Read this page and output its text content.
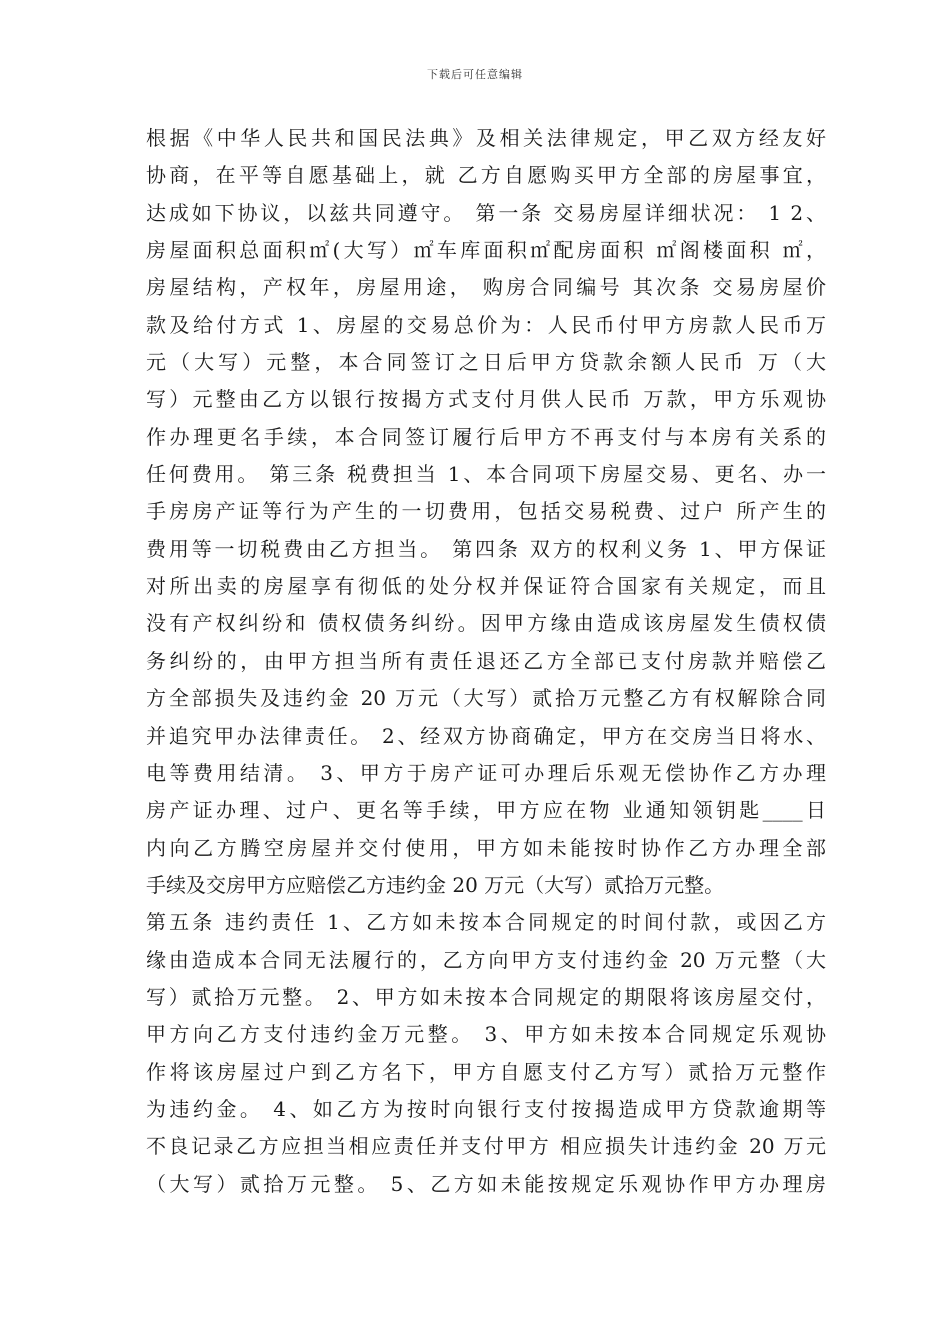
下载后可任意编辑
根据《中华人民共和国民法典》及相关法律规定，甲乙双方经友好
协商，在平等自愿基础上，就 乙方自愿购买甲方全部的房屋事宜，
达成如下协议，以兹共同遵守。 第一条 交易房屋详细状况： 1 2、
房屋面积总面积㎡(大写）㎡车库面积㎡配房面积 ㎡阁楼面积 ㎡，
房屋结构，产权年，房屋用途， 购房合同编号 其次条 交易房屋价
款及给付方式 1、房屋的交易总价为：人民币付甲方房款人民币万
元（大写）元整，本合同签订之日后甲方贷款余额人民币 万（大
写）元整由乙方以银行按揭方式支付月供人民币 万款，甲方乐观协
作办理更名手续，本合同签订履行后甲方不再支付与本房有关系的
任何费用。 第三条 税费担当 1、本合同项下房屋交易、更名、办一
手房房产证等行为产生的一切费用，包括交易税费、过户 所产生的
费用等一切税费由乙方担当。 第四条 双方的权利义务 1、甲方保证
对所出卖的房屋享有彻低的处分权并保证符合国家有关规定，而且
没有产权纠纷和 债权债务纠纷。因甲方缘由造成该房屋发生债权债
务纠纷的，由甲方担当所有责任退还乙方全部已支付房款并赔偿乙
方全部损失及违约金 20 万元（大写）贰拾万元整乙方有权解除合同
并追究甲办法律责任。 2、经双方协商确定，甲方在交房当日将水、
电等费用结清。 3、甲方于房产证可办理后乐观无偿协作乙方办理
房产证办理、过户、更名等手续，甲方应在物 业通知领钥匙____日
内向乙方腾空房屋并交付使用，甲方如未能按时协作乙方办理全部
手续及交房甲方应赔偿乙方违约金 20 万元（大写）贰拾万元整。
第五条 违约责任 1、乙方如未按本合同规定的时间付款，或因乙方
缘由造成本合同无法履行的，乙方向甲方支付违约金 20 万元整（大
写）贰拾万元整。 2、甲方如未按本合同规定的期限将该房屋交付，
甲方向乙方支付违约金万元整。 3、甲方如未按本合同规定乐观协
作将该房屋过户到乙方名下，甲方自愿支付乙方写）贰拾万元整作
为违约金。 4、如乙方为按时向银行支付按揭造成甲方贷款逾期等
不良记录乙方应担当相应责任并支付甲方 相应损失计违约金 20 万元
（大写）贰拾万元整。 5、乙方如未能按规定乐观协作甲方办理房
